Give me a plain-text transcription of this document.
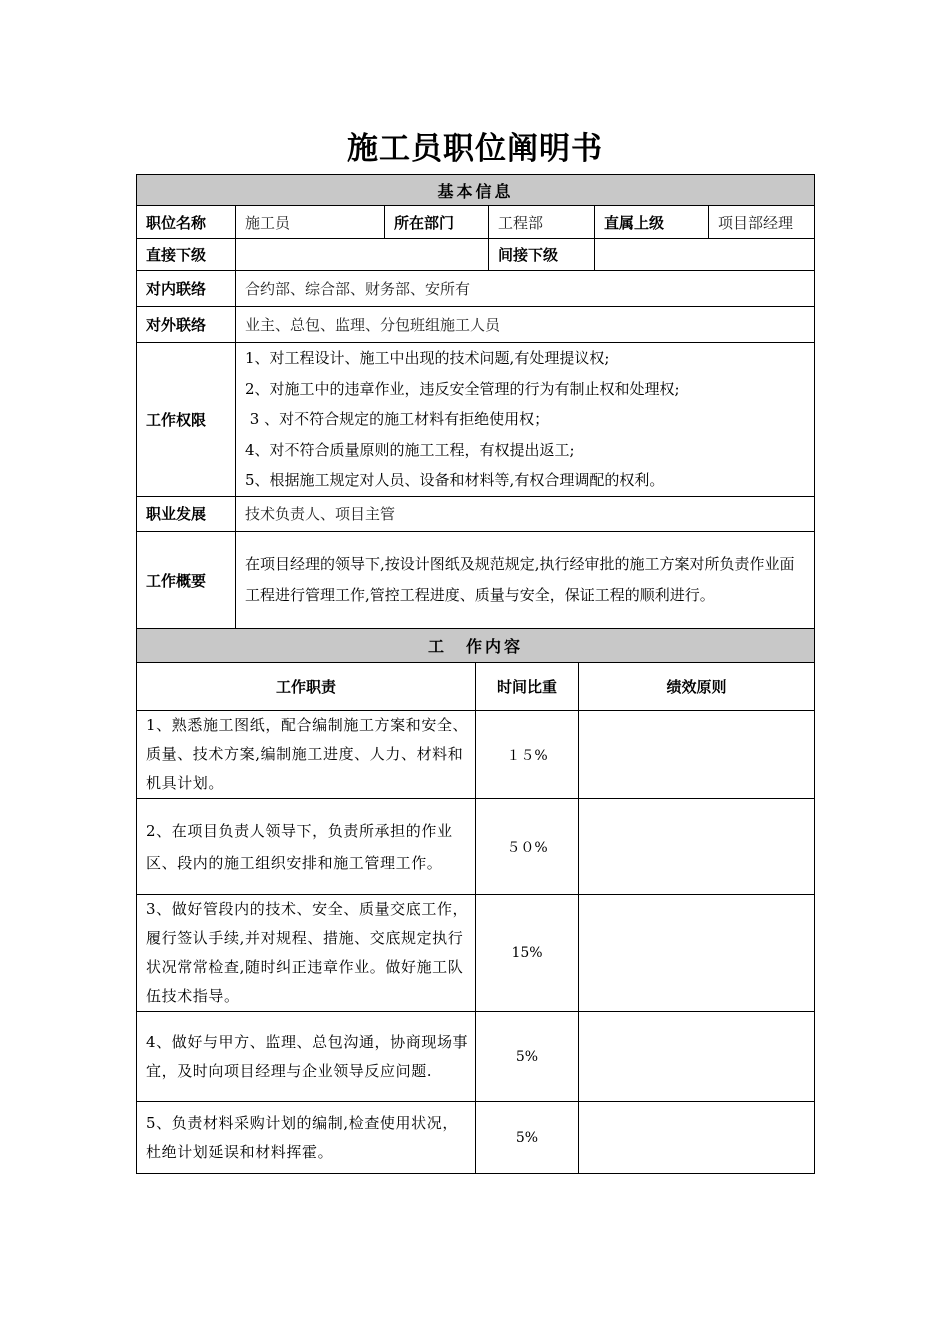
施工员职位阐明书
基本信息					
职位名称	施工员	所在部门	工程部	直属上级	项目部经理
直接下级			间接下级		
对内联络	合约部、综合部、财务部、安所有				
对外联络	业主、总包、监理、分包班组施工人员				
工作权限	1、对工程设计、施工中出现的技术问题,有处理提议权;
2、对施工中的违章作业，违反安全管理的行为有制止权和处理权;
3 、对不符合规定的施工材料有拒绝使用权；
4、对不符合质量原则的施工工程，有权提出返工;
5、根据施工规定对人员、设备和材料等,有权合理调配的权利。				

职业发展	技术负责人、项目主管				
工作概要	在项目经理的领导下,按设计图纸及规范规定,执行经审批的施工方案对所负责作业面工程进行管理工作,管控工程进度、质量与安全，保证工程的顺利进行。				
工　作内容		
工作职责	时间比重	绩效原则
1、熟悉施工图纸，配合编制施工方案和安全、质量、技术方案,编制施工进度、人力、材料和机具计划。	１５%	
2、在项目负责人领导下，负责所承担的作业区、段内的施工组织安排和施工管理工作。	５０%	
3、做好管段内的技术、安全、质量交底工作，履行签认手续,并对规程、措施、交底规定执行状况常常检查,随时纠正违章作业。做好施工队伍技术指导。	15%	
4、做好与甲方、监理、总包沟通，协商现场事宜，及时向项目经理与企业领导反应问题.	5%	
5、负责材料采购计划的编制,检查使用状况，杜绝计划延误和材料挥霍。	5%	
